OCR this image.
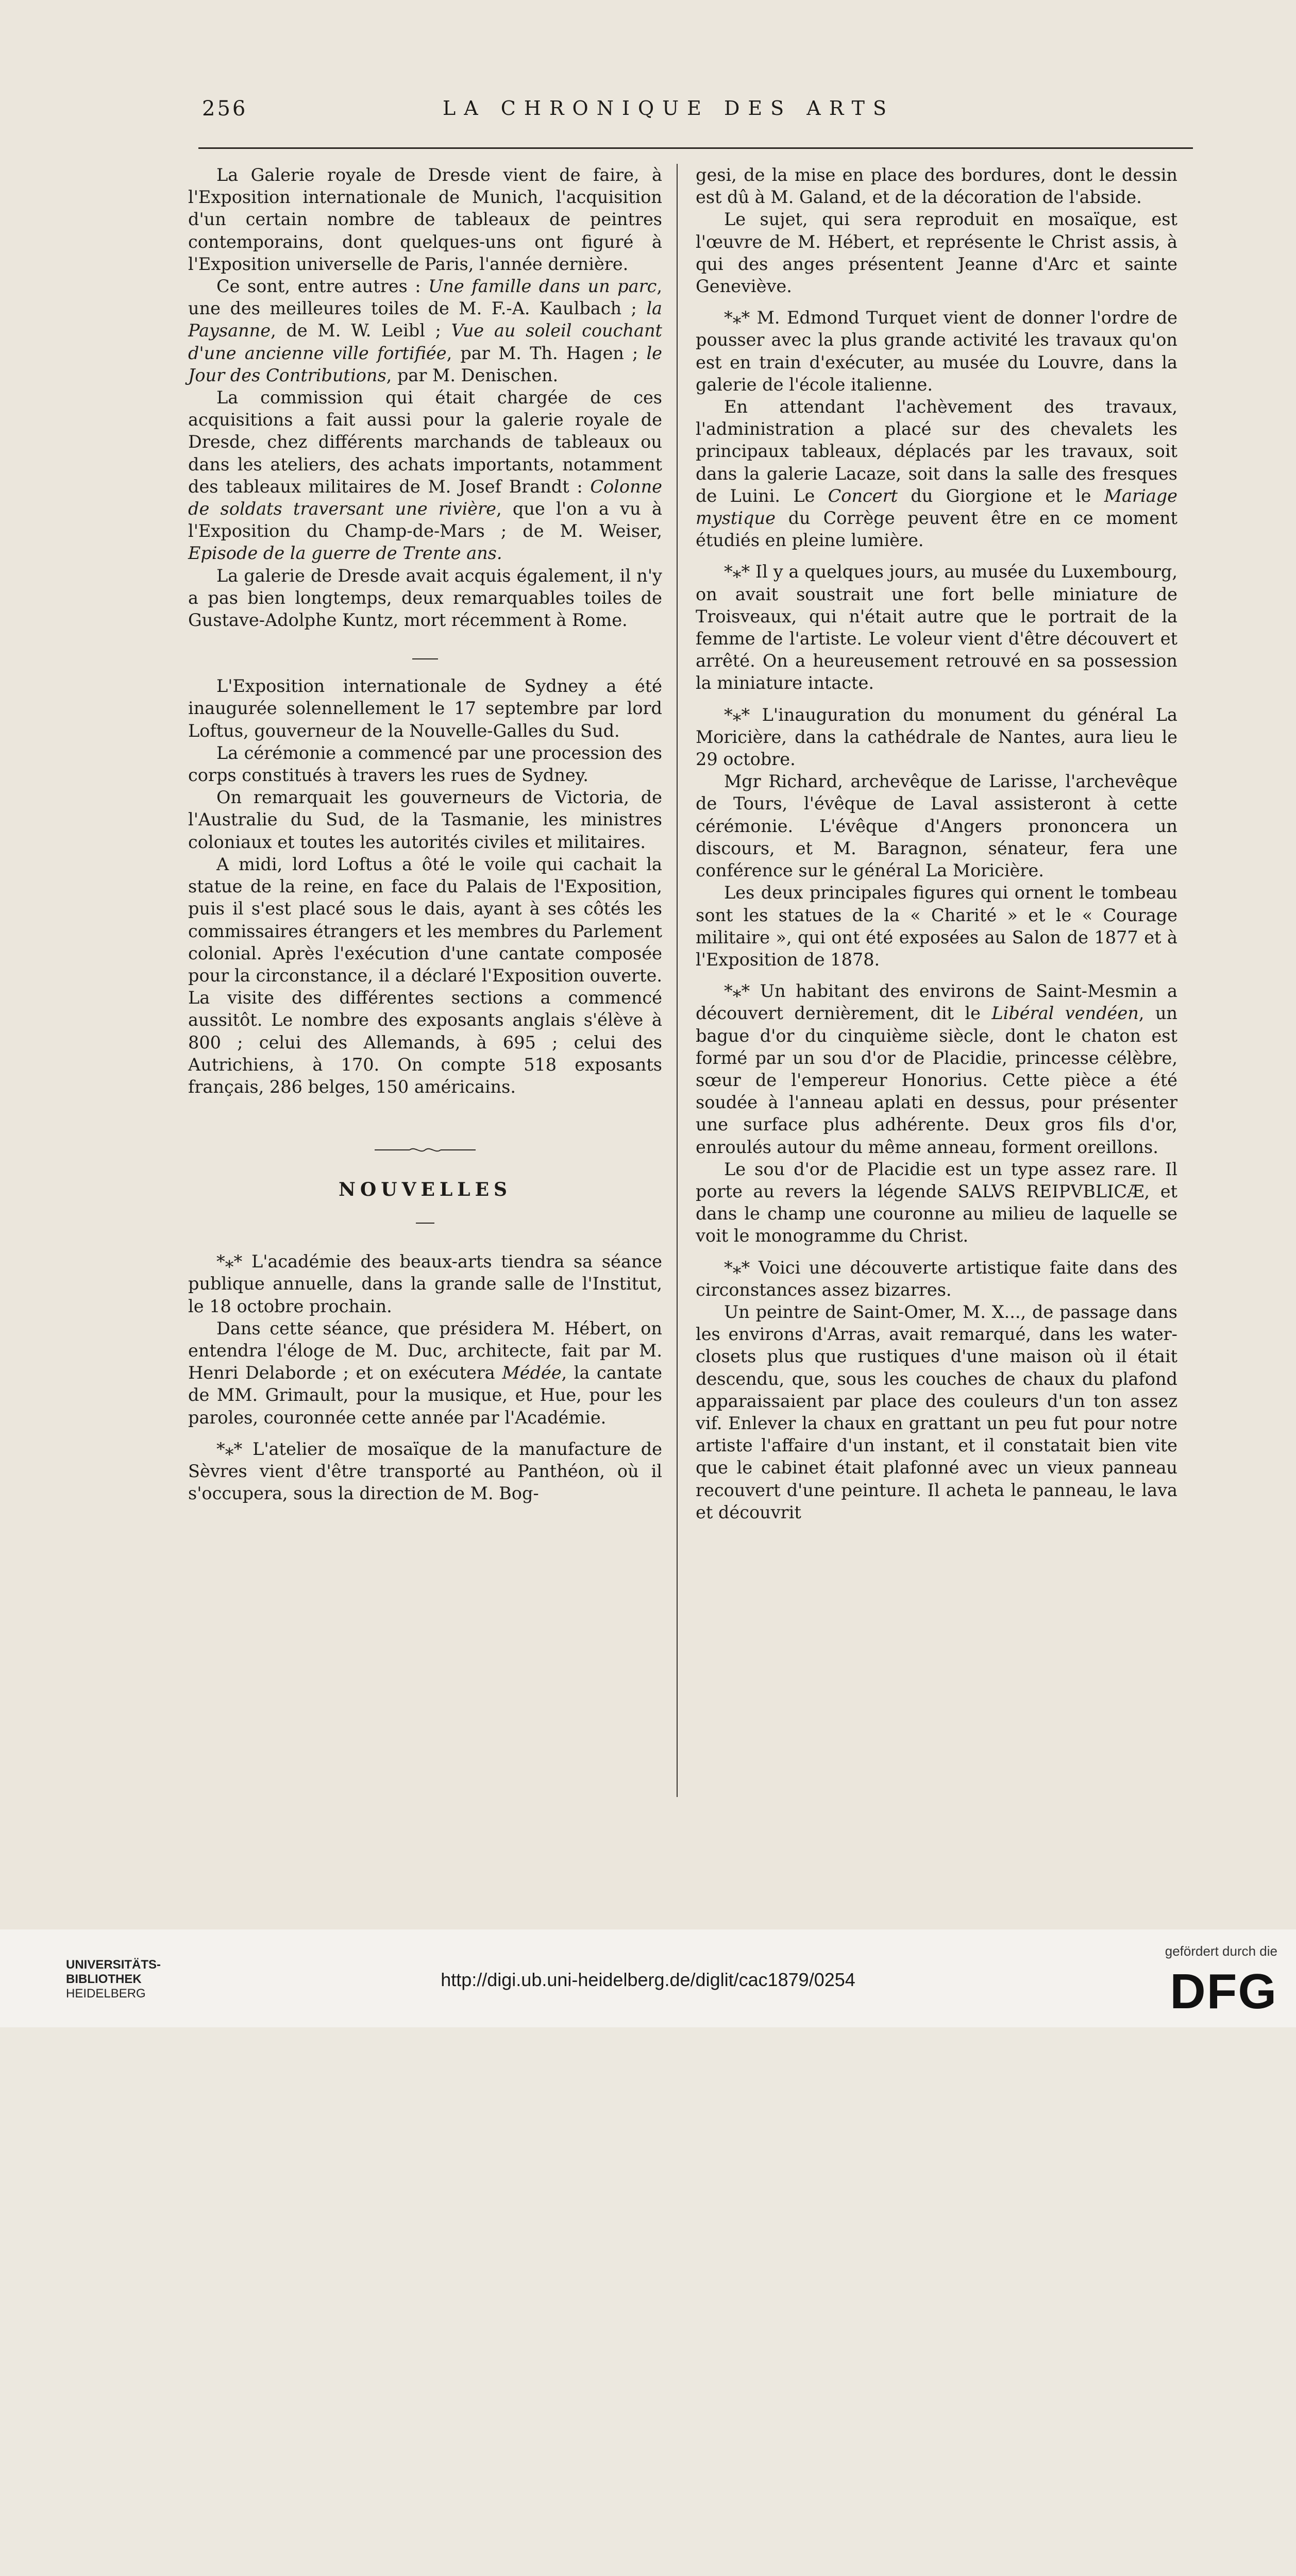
256	LA CHRONIQUE DES ARTS

La Galerie royale de Dresde vient de faire, à l'Exposition internationale de Munich, l'acquisition d'un certain nombre de tableaux de peintres contemporains, dont quelques-uns ont figuré à l'Exposition universelle de Paris, l'année dernière.

Ce sont, entre autres : Une famille dans un parc, une des meilleures toiles de M. F.-A. Kaulbach ; la Paysanne, de M. W. Leibl ; Vue au soleil couchant d'une ancienne ville fortifiée, par M. Th. Hagen ; le Jour des Contributions, par M. Denischen.

La commission qui était chargée de ces acquisitions a fait aussi pour la galerie royale de Dresde, chez différents marchands de tableaux ou dans les ateliers, des achats importants, notamment des tableaux militaires de M. Josef Brandt : Colonne de soldats traversant une rivière, que l'on a vu à l'Exposition du Champ-de-Mars ; de M. Weiser, Episode de la guerre de Trente ans.

La galerie de Dresde avait acquis également, il n'y a pas bien longtemps, deux remarquables toiles de Gustave-Adolphe Kuntz, mort récemment à Rome.

L'Exposition internationale de Sydney a été inaugurée solennellement le 17 septembre par lord Loftus, gouverneur de la Nouvelle-Galles du Sud.

La cérémonie a commencé par une procession des corps constitués à travers les rues de Sydney.

On remarquait les gouverneurs de Victoria, de l'Australie du Sud, de la Tasmanie, les ministres coloniaux et toutes les autorités civiles et militaires.

A midi, lord Loftus a ôté le voile qui cachait la statue de la reine, en face du Palais de l'Exposition, puis il s'est placé sous le dais, ayant à ses côtés les commissaires étrangers et les membres du Parlement colonial. Après l'exécution d'une cantate composée pour la circonstance, il a déclaré l'Exposition ouverte. La visite des différentes sections a commencé aussitôt. Le nombre des exposants anglais s'élève à 800 ; celui des Allemands, à 695 ; celui des Autrichiens, à 170. On compte 518 exposants français, 286 belges, 150 américains.

NOUVELLES

*⁎* L'académie des beaux-arts tiendra sa séance publique annuelle, dans la grande salle de l'Institut, le 18 octobre prochain.

Dans cette séance, que présidera M. Hébert, on entendra l'éloge de M. Duc, architecte, fait par M. Henri Delaborde ; et on exécutera Médée, la cantate de MM. Grimault, pour la musique, et Hue, pour les paroles, couronnée cette année par l'Académie.

*⁎* L'atelier de mosaïque de la manufacture de Sèvres vient d'être transporté au Panthéon, où il s'occupera, sous la direction de M. Bog-

gesi, de la mise en place des bordures, dont le dessin est dû à M. Galand, et de la décoration de l'abside.

Le sujet, qui sera reproduit en mosaïque, est l'œuvre de M. Hébert, et représente le Christ assis, à qui des anges présentent Jeanne d'Arc et sainte Geneviève.

*⁎* M. Edmond Turquet vient de donner l'ordre de pousser avec la plus grande activité les travaux qu'on est en train d'exécuter, au musée du Louvre, dans la galerie de l'école italienne.

En attendant l'achèvement des travaux, l'administration a placé sur des chevalets les principaux tableaux, déplacés par les travaux, soit dans la galerie Lacaze, soit dans la salle des fresques de Luini. Le Concert du Giorgione et le Mariage mystique du Corrège peuvent être en ce moment étudiés en pleine lumière.

*⁎* Il y a quelques jours, au musée du Luxembourg, on avait soustrait une fort belle miniature de Troisveaux, qui n'était autre que le portrait de la femme de l'artiste. Le voleur vient d'être découvert et arrêté. On a heureusement retrouvé en sa possession la miniature intacte.

*⁎* L'inauguration du monument du général La Moricière, dans la cathédrale de Nantes, aura lieu le 29 octobre.

Mgr Richard, archevêque de Larisse, l'archevêque de Tours, l'évêque de Laval assisteront à cette cérémonie. L'évêque d'Angers prononcera un discours, et M. Baragnon, sénateur, fera une conférence sur le général La Moricière.

Les deux principales figures qui ornent le tombeau sont les statues de la « Charité » et le « Courage militaire », qui ont été exposées au Salon de 1877 et à l'Exposition de 1878.

*⁎* Un habitant des environs de Saint-Mesmin a découvert dernièrement, dit le Libéral vendéen, un bague d'or du cinquième siècle, dont le chaton est formé par un sou d'or de Placidie, princesse célèbre, sœur de l'empereur Honorius. Cette pièce a été soudée à l'anneau aplati en dessus, pour présenter une surface plus adhérente. Deux gros fils d'or, enroulés autour du même anneau, forment oreillons.

Le sou d'or de Placidie est un type assez rare. Il porte au revers la légende SALVS REIPVBLICÆ, et dans le champ une couronne au milieu de laquelle se voit le monogramme du Christ.

*⁎* Voici une découverte artistique faite dans des circonstances assez bizarres.

Un peintre de Saint-Omer, M. X..., de passage dans les environs d'Arras, avait remarqué, dans les water-closets plus que rustiques d'une maison où il était descendu, que, sous les couches de chaux du plafond apparaissaient par place des couleurs d'un ton assez vif. Enlever la chaux en grattant un peu fut pour notre artiste l'affaire d'un instant, et il constatait bien vite que le cabinet était plafonné avec un vieux panneau recouvert d'une peinture. Il acheta le panneau, le lava et découvrit

UNIVERSITÄTS-
BIBLIOTHEK
HEIDELBERG
http://digi.ub.uni-heidelberg.de/diglit/cac1879/0254
gefördert durch die
DFG
